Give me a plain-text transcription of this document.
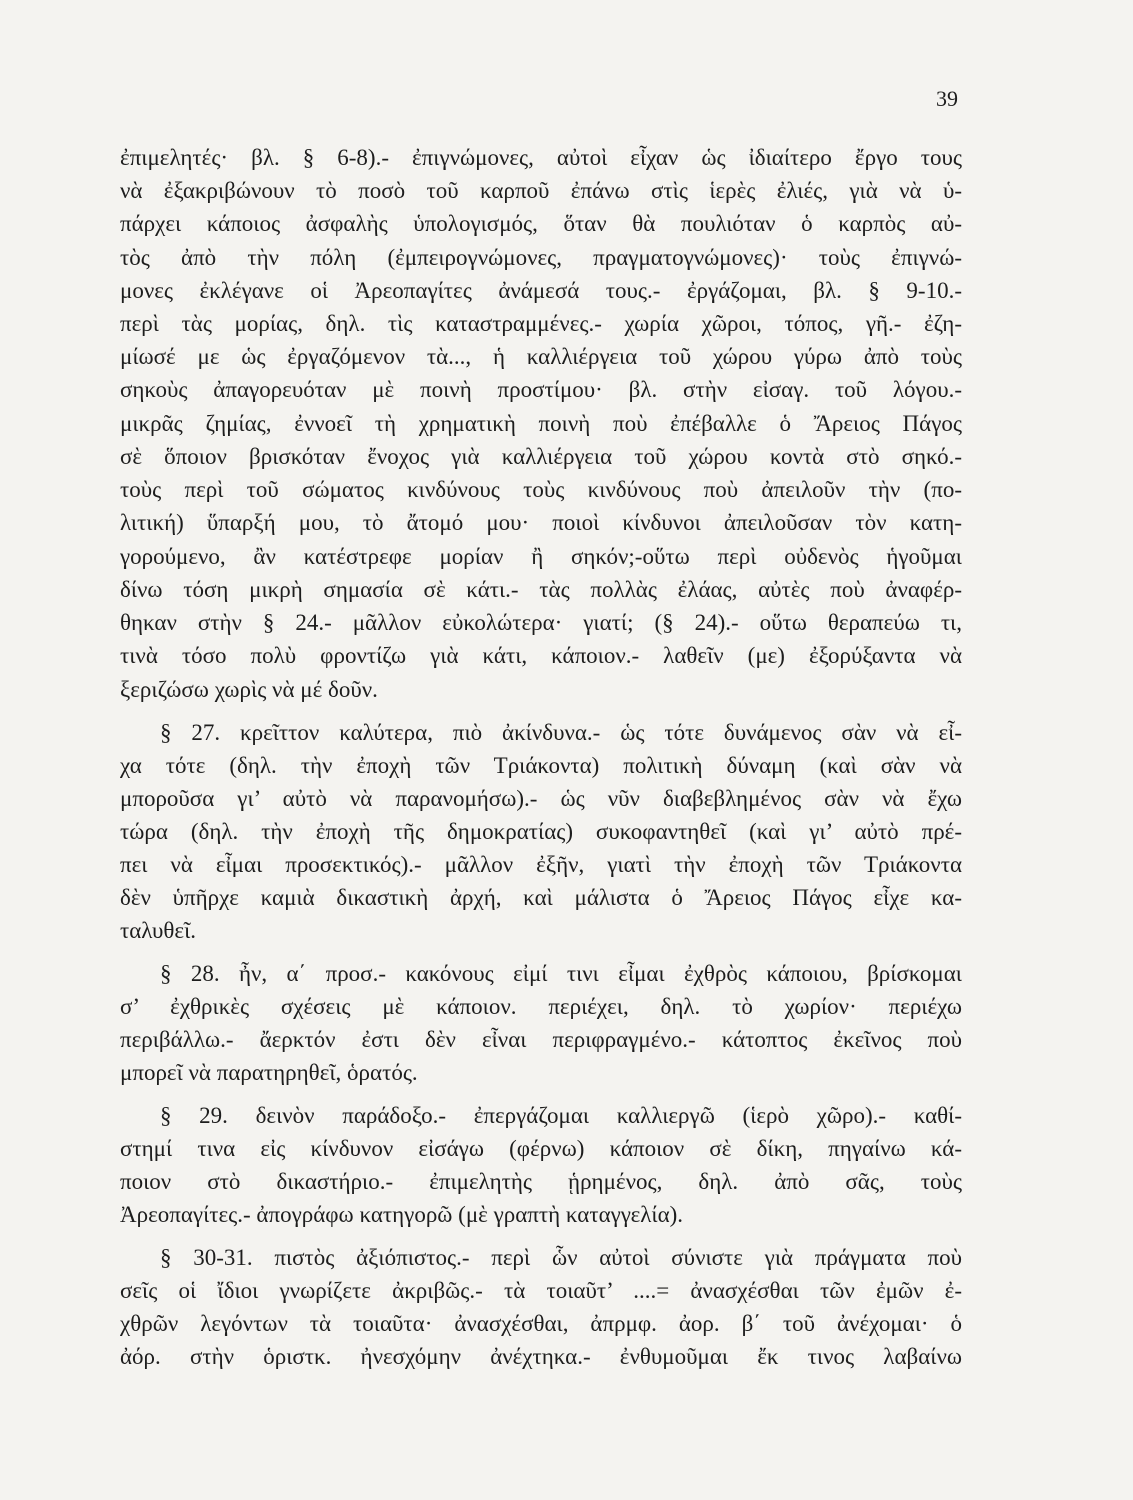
39
ἐπιμελητές· βλ. § 6-8).- ἐπιγνώμονες, αὐτοὶ εἶχαν ὡς ἰδιαίτερο ἔργο τους
νὰ ἐξακριβώνουν τὸ ποσὸ τοῦ καρποῦ ἐπάνω στὶς ἱερὲς ἐλιές, γιὰ νὰ ὑ-
πάρχει κάποιος ἀσφαλὴς ὑπολογισμός, ὅταν θὰ πουλιόταν ὁ καρπὸς αὐ-
τὸς ἀπὸ τὴν πόλη (ἐμπειρογνώμονες, πραγματογνώμονες)· τοὺς ἐπιγνώ-
μονες ἐκλέγανε οἱ Ἀρεοπαγίτες ἀνάμεσά τους.- ἐργάζομαι, βλ. § 9-10.-
περὶ τὰς μορίας, δηλ. τὶς καταστραμμένες.- χωρία χῶροι, τόπος, γῆ.- ἐζη-
μίωσέ με ὡς ἐργαζόμενον τὰ..., ἡ καλλιέργεια τοῦ χώρου γύρω ἀπὸ τοὺς
σηκοὺς ἀπαγορευόταν μὲ ποινὴ προστίμου· βλ. στὴν εἰσαγ. τοῦ λόγου.-
μικρᾶς ζημίας, ἐννοεῖ τὴ χρηματικὴ ποινὴ ποὺ ἐπέβαλλε ὁ Ἄρειος Πάγος
σὲ ὅποιον βρισκόταν ἔνοχος γιὰ καλλιέργεια τοῦ χώρου κοντὰ στὸ σηκό.-
τοὺς περὶ τοῦ σώματος κινδύνους τοὺς κινδύνους ποὺ ἀπειλοῦν τὴν (πο-
λιτική) ὕπαρξή μου, τὸ ἄτομό μου· ποιοὶ κίνδυνοι ἀπειλοῦσαν τὸν κατη-
γορούμενο, ἂν κατέστρεφε μορίαν ἢ σηκόν;-οὕτω περὶ οὐδενὸς ἡγοῦμαι
δίνω τόση μικρὴ σημασία σὲ κάτι.- τὰς πολλὰς ἐλάας, αὐτὲς ποὺ ἀναφέρ-
θηκαν στὴν § 24.- μᾶλλον εὐκολώτερα· γιατί; (§ 24).- οὕτω θεραπεύω τι,
τινὰ τόσο πολὺ φροντίζω γιὰ κάτι, κάποιον.- λαθεῖν (με) ἐξορύξαντα νὰ
ξεριζώσω χωρὶς νὰ μέ δοῦν.
§ 27. κρεῖττον καλύτερα, πιὸ ἀκίνδυνα.- ὡς τότε δυνάμενος σὰν νὰ εἶ-
χα τότε (δηλ. τὴν ἐποχὴ τῶν Τριάκοντα) πολιτικὴ δύναμη (καὶ σὰν νὰ
μποροῦσα γι’ αὐτὸ νὰ παρανομήσω).- ὡς νῦν διαβεβλημένος σὰν νὰ ἔχω
τώρα (δηλ. τὴν ἐποχὴ τῆς δημοκρατίας) συκοφαντηθεῖ (καὶ γι’ αὐτὸ πρέ-
πει νὰ εἶμαι προσεκτικός).- μᾶλλον ἐξῆν, γιατὶ τὴν ἐποχὴ τῶν Τριάκοντα
δὲν ὑπῆρχε καμιὰ δικαστικὴ ἀρχή, καὶ μάλιστα ὁ Ἄρειος Πάγος εἶχε κα-
ταλυθεῖ.
§ 28. ἦν, α΄ προσ.- κακόνους εἰμί τινι εἶμαι ἐχθρὸς κάποιου, βρίσκομαι
σ’ ἐχθρικὲς σχέσεις μὲ κάποιον. περιέχει, δηλ. τὸ χωρίον· περιέχω
περιβάλλω.- ἄερκτόν ἐστι δὲν εἶναι περιφραγμένο.- κάτοπτος ἐκεῖνος ποὺ
μπορεῖ νὰ παρατηρηθεῖ, ὁρατός.
§ 29. δεινὸν παράδοξο.- ἐπεργάζομαι καλλιεργῶ (ἱερὸ χῶρο).- καθί-
στημί τινα εἰς κίνδυνον εἰσάγω (φέρνω) κάποιον σὲ δίκη, πηγαίνω κά-
ποιον στὸ δικαστήριο.- ἐπιμελητὴς ᾑρημένος, δηλ. ἀπὸ σᾶς, τοὺς
Ἀρεοπαγίτες.- ἀπογράφω κατηγορῶ (μὲ γραπτὴ καταγγελία).
§ 30-31. πιστὸς ἀξιόπιστος.- περὶ ὧν αὐτοὶ σύνιστε γιὰ πράγματα ποὺ
σεῖς οἱ ἴδιοι γνωρίζετε ἀκριβῶς.- τὰ τοιαῦτ’ ....= ἀνασχέσθαι τῶν ἐμῶν ἐ-
χθρῶν λεγόντων τὰ τοιαῦτα· ἀνασχέσθαι, ἀπρμφ. ἀορ. β΄ τοῦ ἀνέχομαι· ὁ
ἀόρ. στὴν ὁριστκ. ἠνεσχόμην ἀνέχτηκα.- ἐνθυμοῦμαι ἔκ τινος λαβαίνω
